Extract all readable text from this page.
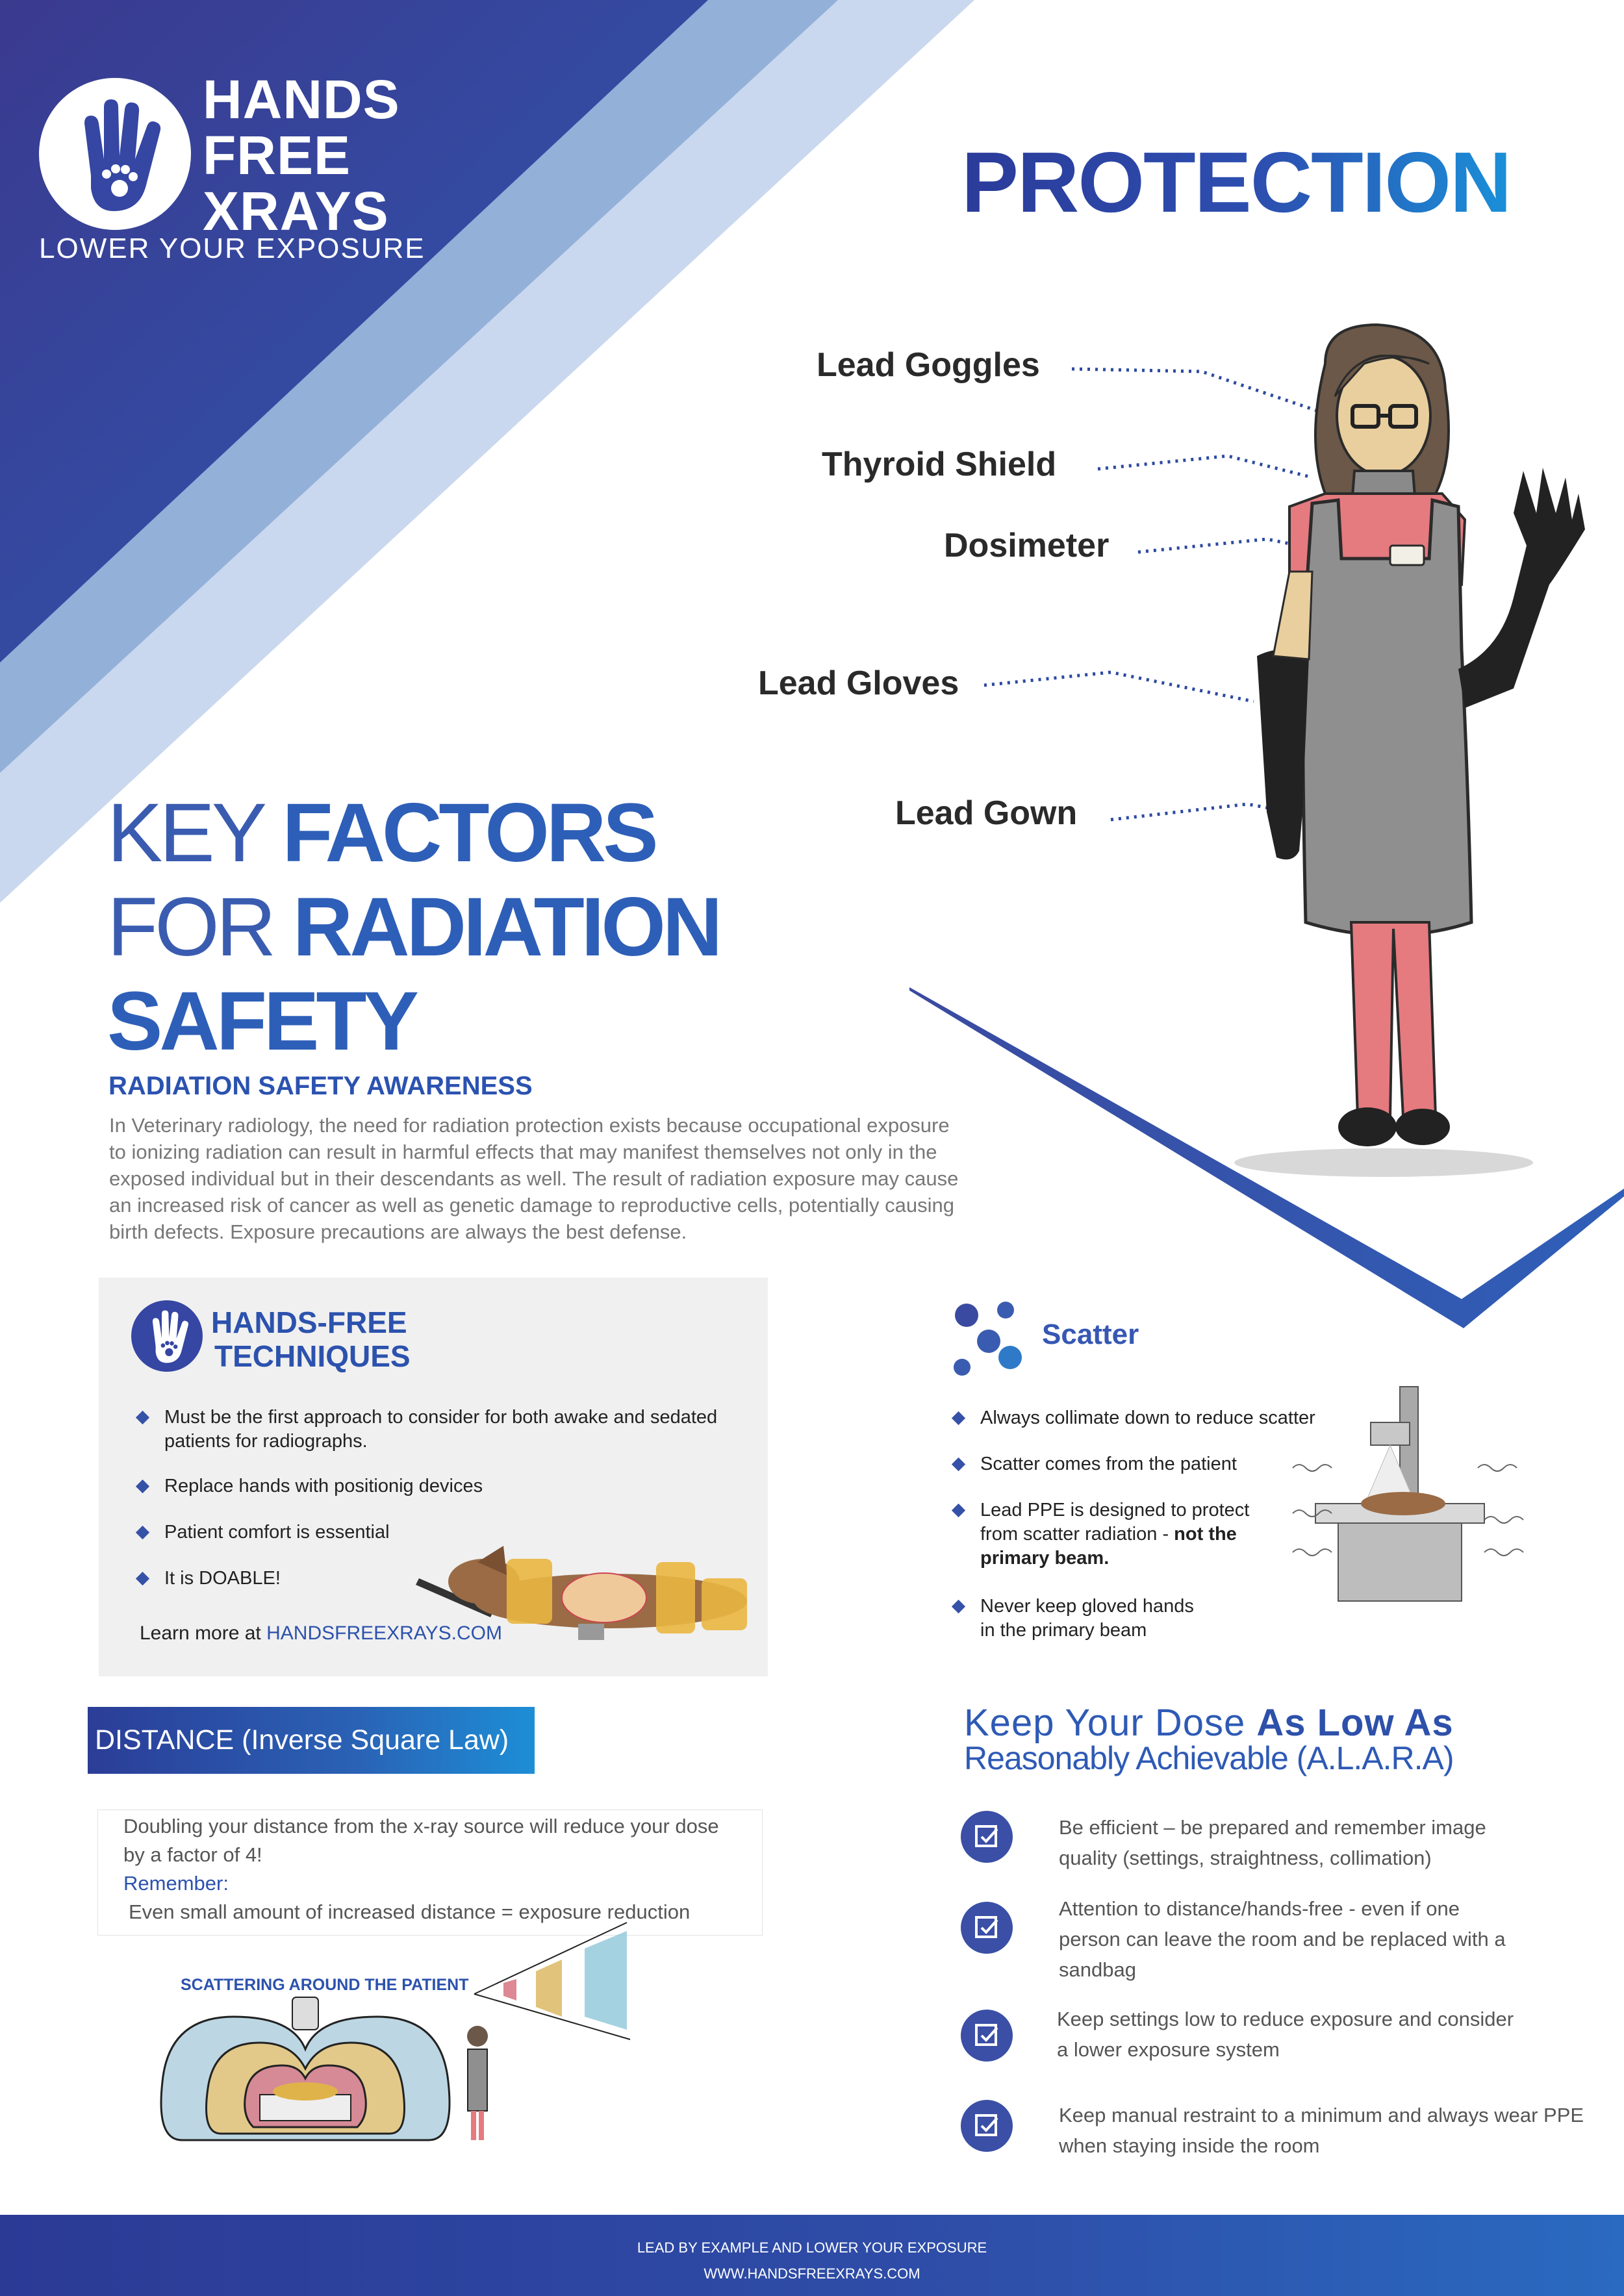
HANDS
FREE
XRAYS
LOWER YOUR EXPOSURE
PROTECTION
Lead Goggles
Thyroid Shield
Dosimeter
Lead Gloves
Lead Gown
KEY FACTORS
FOR RADIATION
SAFETY
RADIATION SAFETY AWARENESS
In Veterinary radiology, the need for radiation protection exists because occupational exposure
to ionizing radiation can result in harmful effects that may manifest themselves not only in the
exposed individual but in their descendants as well. The result of radiation exposure may cause
an increased risk of cancer as well as genetic damage to reproductive cells, potentially causing
birth defects. Exposure precautions are always the best defense.
HANDS-FREE
TECHNIQUES
Must be the first approach to consider for both awake and sedated
patients for radiographs.
Replace hands with positionig devices
Patient comfort is essential
It is DOABLE!
Learn more at HANDSFREEXRAYS.COM
Scatter
Always collimate down to reduce scatter
Scatter comes from the patient
Lead PPE is designed to protect
from scatter radiation - not the
primary beam.
Never keep gloved hands
in the primary beam
DISTANCE (Inverse Square Law)
Doubling your distance from the x-ray source will reduce your dose
by a factor of 4!
Remember:
Even small amount of increased distance = exposure reduction
SCATTERING AROUND THE PATIENT
Keep Your Dose As Low As
Reasonably Achievable (A.L.A.R.A)
Be efficient – be prepared and remember image
quality (settings, straightness, collimation)
Attention to distance/hands-free - even if one
person can leave the room and be replaced with a
sandbag
Keep settings low to reduce exposure and consider
a lower exposure system
Keep manual restraint to a minimum and always wear PPE
when staying inside the room
LEAD BY EXAMPLE AND LOWER YOUR EXPOSURE
WWW.HANDSFREEXRAYS.COM
